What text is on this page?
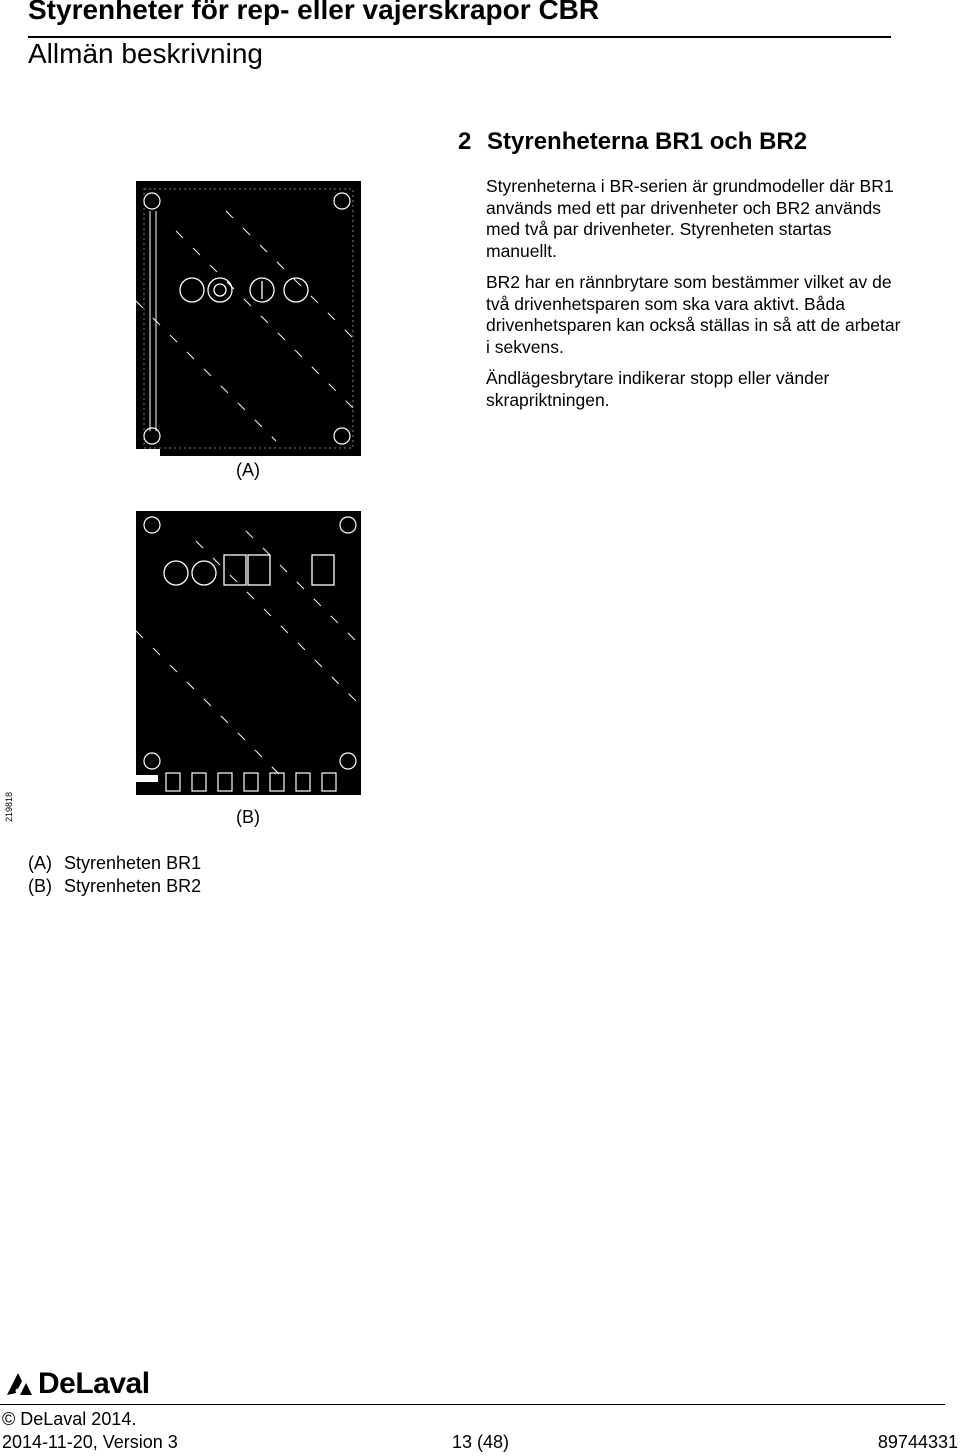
Styrenheter för rep- eller vajerskrapor CBR
Allmän beskrivning
2 Styrenheterna BR1 och BR2
Styrenheterna i BR-serien är grundmodeller där BR1 används med ett par drivenheter och BR2 används med två par drivenheter. Styrenheten startas manuellt.
BR2 har en rännbrytare som bestämmer vilket av de två drivenhetsparen som ska vara aktivt. Båda drivenhetsparen kan också ställas in så att de arbetar i sekvens.
Ändlägesbrytare indikerar stopp eller vänder skrapriktningen.
(A)
(B)
219818
(A) Styrenheten BR1
(B) Styrenheten BR2
DeLaval
© DeLaval 2014.
2014-11-20, Version 3	13 (48)	89744331
